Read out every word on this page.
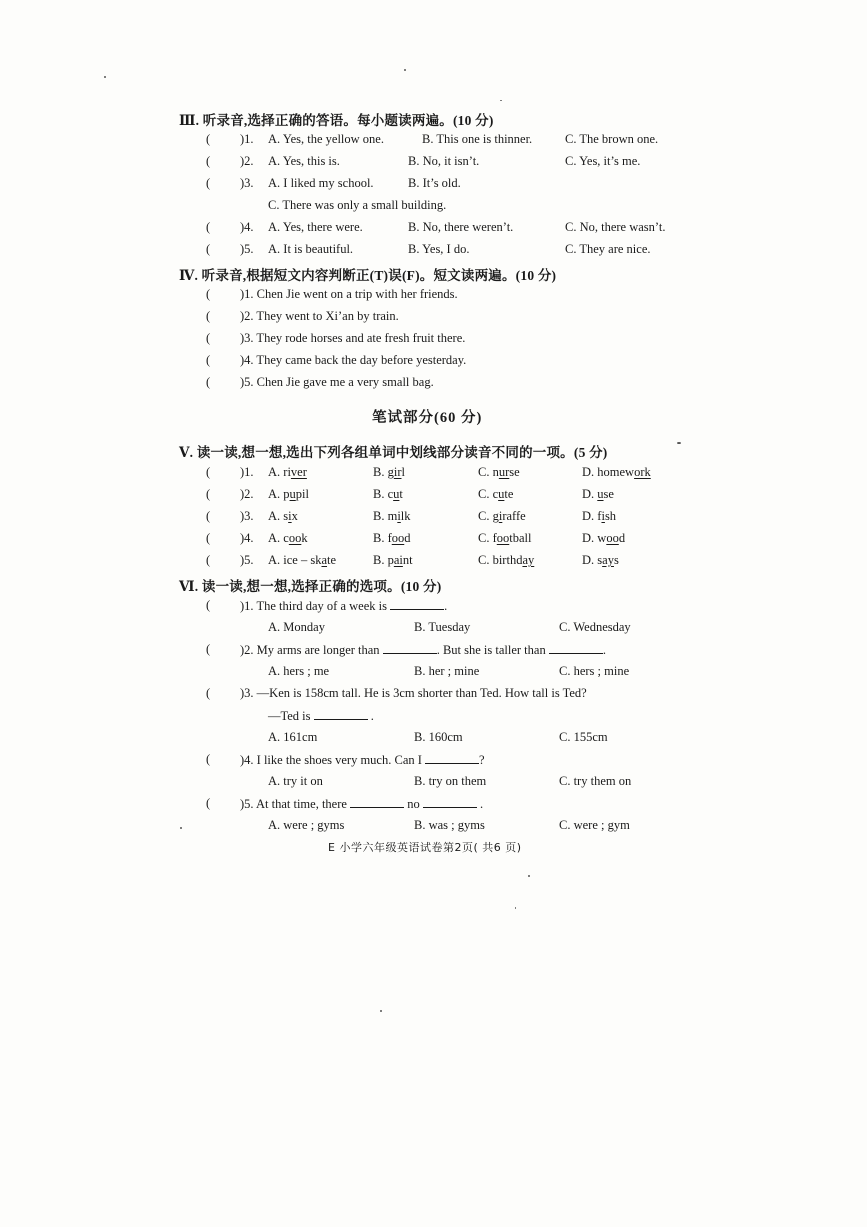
Ⅲ. 听录音,选择正确的答语。每小题读两遍。(10 分)
( )1. A. Yes, the yellow one.	B. This one is thinner.	C. The brown one.
( )2. A. Yes, this is.	B. No, it isn’t.	C. Yes, it’s me.
( )3. A. I liked my school.	B. It’s old.
C. There was only a small building.
( )4. A. Yes, there were.	B. No, there weren’t.	C. No, there wasn’t.
( )5. A. It is beautiful.	B. Yes, I do.	C. They are nice.
Ⅳ. 听录音,根据短文内容判断正(T)误(F)。短文读两遍。(10 分)
( )1. Chen Jie went on a trip with her friends.
( )2. They went to Xi’an by train.
( )3. They rode horses and ate fresh fruit there.
( )4. They came back the day before yesterday.
( )5. Chen Jie gave me a very small bag.
笔试部分(60 分)
Ⅴ. 读一读,想一想,选出下列各组单词中划线部分读音不同的一项。(5 分)
( )1. A. river	B. girl	C. nurse	D. homework
( )2. A. pupil	B. cut	C. cute	D. use
( )3. A. six	B. milk	C. giraffe	D. fish
( )4. A. cook	B. food	C. football	D. wood
( )5. A. ice – skate	B. paint	C. birthday	D. says
Ⅵ. 读一读,想一想,选择正确的选项。(10 分)
( )1. The third day of a week is	.
A. Monday	B. Tuesday	C. Wednesday
( )2. My arms are longer than	. But she is taller than	.
A. hers ; me	B. her ; mine	C. hers ; mine
( )3. —Ken is 158cm tall. He is 3cm shorter than Ted. How tall is Ted?
—Ted is	.
A. 161cm	B. 160cm	C. 155cm
( )4. I like the shoes very much. Can I	?
A. try it on	B. try on them	C. try them on
( )5. At that time, there	no	.
A. were ; gyms	B. was ; gyms	C. were ; gym
E 小学六年级英语试卷第2页( 共6 页)
